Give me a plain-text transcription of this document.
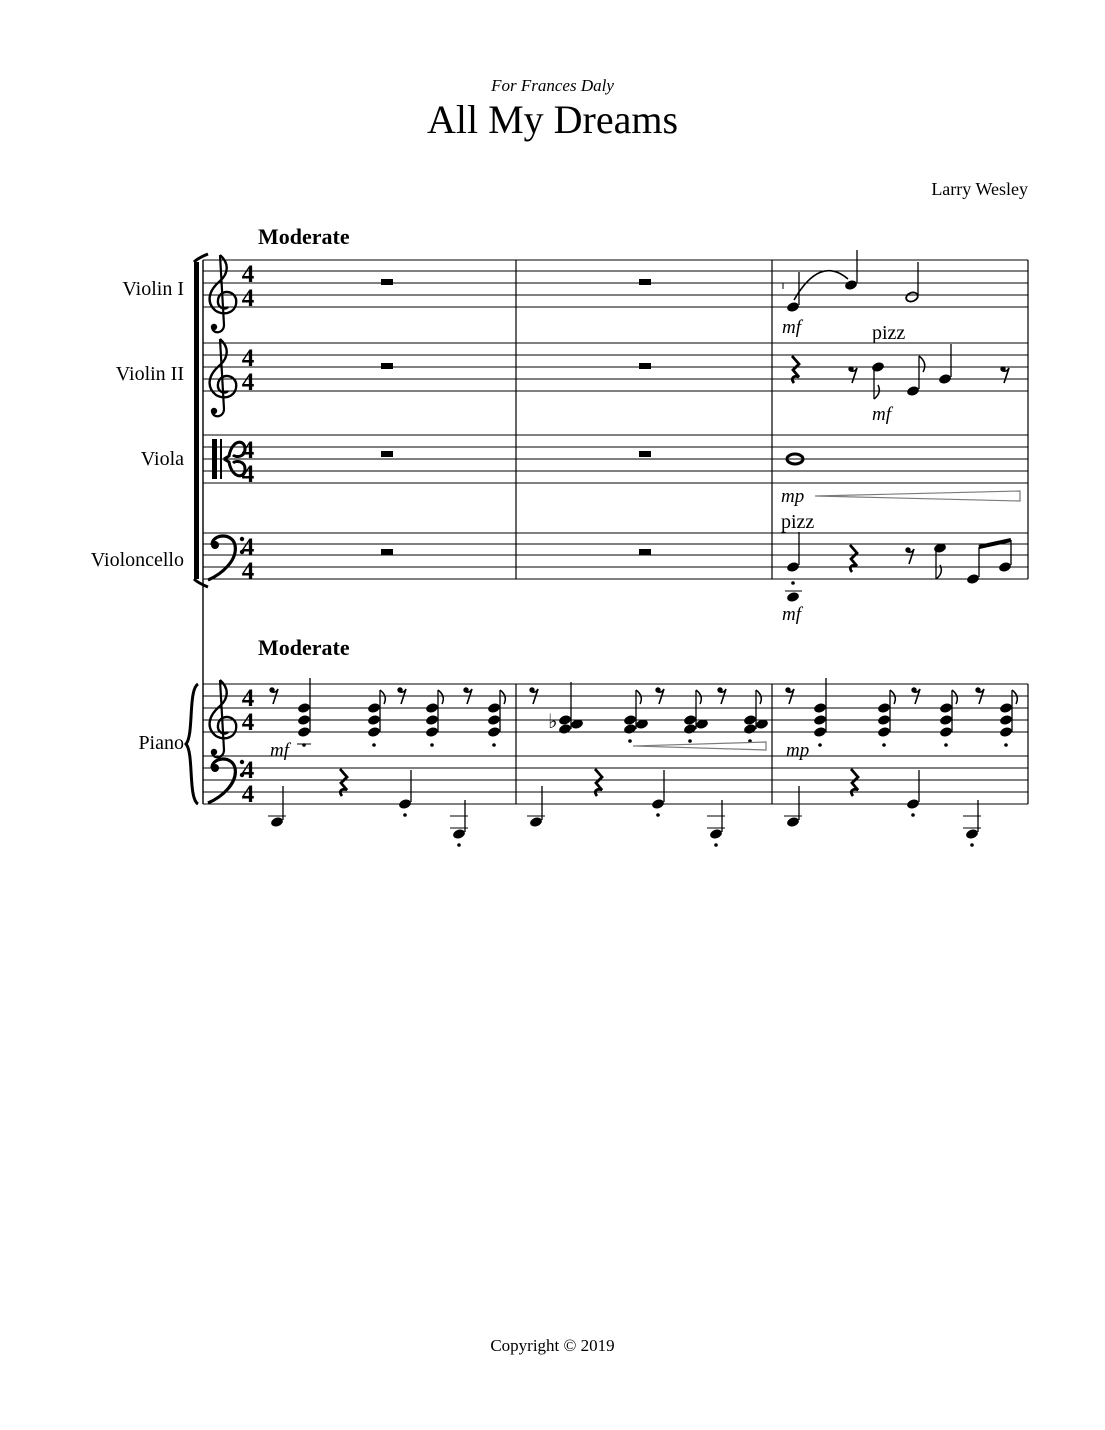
For Frances Daly
All My Dreams
Larry Wesley
Moderate
Moderate
Violin I
Violin II
Viola
Violoncello
Piano
4
4
4
4
4
4
4
4
4
4
4
4
♭
mf	pizz
mf
mp
pizz
mf
mf	mp
Copyright © 2019
